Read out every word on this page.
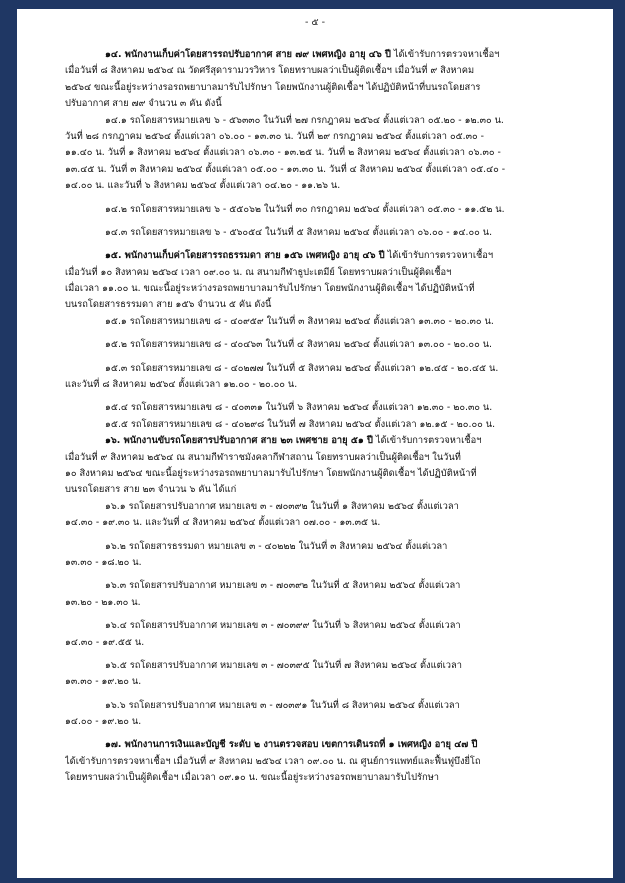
- ๕ -
๑๔. พนักงานเก็บค่าโดยสารรถปรับอากาศ สาย ๗๙ เพศหญิง อายุ ๔๖ ปี ได้เข้ารับการตรวจหาเชื้อฯ
เมื่อวันที่ ๘ สิงหาคม ๒๕๖๔ ณ วัดศรีสุดารามวรวิหาร โดยทราบผลว่าเป็นผู้ติดเชื้อฯ เมื่อวันที่ ๙ สิงหาคม
๒๕๖๔ ขณะนี้อยู่ระหว่างรอรถพยาบาลมารับไปรักษา โดยพนักงานผู้ติดเชื้อฯ ได้ปฏิบัติหน้าที่บนรถโดยสาร
ปรับอากาศ สาย ๗๙ จำนวน ๓ คัน ดังนี้
๑๔.๑ รถโดยสารหมายเลข ๖ - ๕๖๓๓๐ ในวันที่ ๒๗ กรกฎาคม ๒๕๖๔ ตั้งแต่เวลา ๐๕.๒๐ - ๑๒.๓๐ น.
วันที่ ๒๘ กรกฎาคม ๒๕๖๔ ตั้งแต่เวลา ๐๖.๐๐ - ๑๓.๓๐ น. วันที่ ๒๙ กรกฎาคม ๒๕๖๔ ตั้งแต่เวลา ๐๕.๓๐ -
๑๑.๔๐ น. วันที่ ๑ สิงหาคม ๒๕๖๔ ตั้งแต่เวลา ๐๖.๓๐ - ๑๓.๒๕ น. วันที่ ๒ สิงหาคม ๒๕๖๔ ตั้งแต่เวลา ๐๖.๓๐ -
๑๓.๔๕ น. วันที่ ๓ สิงหาคม ๒๕๖๔ ตั้งแต่เวลา ๐๕.๐๐ - ๑๓.๓๐ น. วันที่ ๔ สิงหาคม ๒๕๖๔ ตั้งแต่เวลา ๐๕.๔๐ -
๑๔.๐๐ น. และวันที่ ๖ สิงหาคม ๒๕๖๔ ตั้งแต่เวลา ๐๔.๒๐ - ๑๑.๒๖ น.
๑๔.๒ รถโดยสารหมายเลข ๖ - ๕๕๐๖๒ ในวันที่ ๓๐ กรกฎาคม ๒๕๖๔ ตั้งแต่เวลา ๐๕.๓๐ - ๑๑.๕๒ น.
๑๔.๓ รถโดยสารหมายเลข ๖ - ๕๖๐๕๔ ในวันที่ ๕ สิงหาคม ๒๕๖๔ ตั้งแต่เวลา ๐๖.๐๐ - ๑๔.๐๐ น.
๑๕. พนักงานเก็บค่าโดยสารรถธรรมดา สาย ๑๕๖ เพศหญิง อายุ ๔๖ ปี ได้เข้ารับการตรวจหาเชื้อฯ
เมื่อวันที่ ๑๐ สิงหาคม ๒๕๖๔ เวลา ๐๙.๐๐ น. ณ สนามกีฬาธูปะเตมีย์ โดยทราบผลว่าเป็นผู้ติดเชื้อฯ
เมื่อเวลา ๑๑.๐๐ น. ขณะนี้อยู่ระหว่างรอรถพยาบาลมารับไปรักษา โดยพนักงานผู้ติดเชื้อฯ ได้ปฏิบัติหน้าที่
บนรถโดยสารธรรมดา สาย ๑๕๖ จำนวน ๕ คัน ดังนี้
๑๕.๑ รถโดยสารหมายเลข ๘ - ๔๐๙๕๙ ในวันที่ ๓ สิงหาคม ๒๕๖๔ ตั้งแต่เวลา ๑๓.๓๐ - ๒๐.๓๐ น.
๑๕.๒ รถโดยสารหมายเลข ๘ - ๔๐๔๖๓ ในวันที่ ๔ สิงหาคม ๒๕๖๔ ตั้งแต่เวลา ๑๓.๐๐ - ๒๐.๐๐ น.
๑๕.๓ รถโดยสารหมายเลข ๘ - ๔๐๒๗๗ ในวันที่ ๕ สิงหาคม ๒๕๖๔ ตั้งแต่เวลา ๑๒.๔๕ - ๒๐.๔๕ น.
และวันที่ ๘ สิงหาคม ๒๕๖๔ ตั้งแต่เวลา ๑๒.๐๐ - ๒๐.๐๐ น.
๑๕.๔ รถโดยสารหมายเลข ๘ - ๔๐๓๓๑ ในวันที่ ๖ สิงหาคม ๒๕๖๔ ตั้งแต่เวลา ๑๒.๓๐ - ๒๐.๓๐ น.
๑๕.๕ รถโดยสารหมายเลข ๘ - ๔๐๒๙๘ ในวันที่ ๗ สิงหาคม ๒๕๖๔ ตั้งแต่เวลา ๑๒.๑๕ - ๒๐.๐๐ น.
๑๖. พนักงานขับรถโดยสารปรับอากาศ สาย ๒๓ เพศชาย อายุ ๕๑ ปี ได้เข้ารับการตรวจหาเชื้อฯ
เมื่อวันที่ ๙ สิงหาคม ๒๕๖๔ ณ สนามกีฬาราชมังคลากีฬาสถาน โดยทราบผลว่าเป็นผู้ติดเชื้อฯ ในวันที่
๑๐ สิงหาคม ๒๕๖๔ ขณะนี้อยู่ระหว่างรอรถพยาบาลมารับไปรักษา โดยพนักงานผู้ติดเชื้อฯ ได้ปฏิบัติหน้าที่
บนรถโดยสาร สาย ๒๓ จำนวน ๖ คัน ได้แก่
๑๖.๑ รถโดยสารปรับอากาศ หมายเลข ๓ - ๗๐๓๙๒ ในวันที่ ๑ สิงหาคม ๒๕๖๔ ตั้งแต่เวลา
๑๔.๓๐ - ๑๙.๓๐ น. และวันที่ ๔ สิงหาคม ๒๕๖๔ ตั้งแต่เวลา ๐๗.๐๐ - ๑๓.๓๕ น.
๑๖.๒ รถโดยสารธรรมดา หมายเลข ๓ - ๔๐๒๒๒ ในวันที่ ๓ สิงหาคม ๒๕๖๔ ตั้งแต่เวลา
๑๓.๓๐ - ๑๘.๒๐ น.
๑๖.๓ รถโดยสารปรับอากาศ หมายเลข ๓ - ๗๐๓๙๒ ในวันที่ ๕ สิงหาคม ๒๕๖๔ ตั้งแต่เวลา
๑๓.๒๐ - ๒๑.๓๐ น.
๑๖.๔ รถโดยสารปรับอากาศ หมายเลข ๓ - ๗๐๓๙๙ ในวันที่ ๖ สิงหาคม ๒๕๖๔ ตั้งแต่เวลา
๑๔.๓๐ - ๑๙.๕๕ น.
๑๖.๕ รถโดยสารปรับอากาศ หมายเลข ๓ - ๗๐๓๙๕ ในวันที่ ๗ สิงหาคม ๒๕๖๔ ตั้งแต่เวลา
๑๓.๓๐ - ๑๙.๒๐ น.
๑๖.๖ รถโดยสารปรับอากาศ หมายเลข ๓ - ๗๐๓๙๑ ในวันที่ ๘ สิงหาคม ๒๕๖๔ ตั้งแต่เวลา
๑๔.๐๐ - ๑๙.๒๐ น.
๑๗. พนักงานการเงินและบัญชี ระดับ ๒ งานตรวจสอบ เขตการเดินรถที่ ๑ เพศหญิง อายุ ๔๗ ปี
ได้เข้ารับการตรวจหาเชื้อฯ เมื่อวันที่ ๙ สิงหาคม ๒๕๖๔ เวลา ๐๙.๐๐ น. ณ ศูนย์การแพทย์และฟื้นฟูบึงยี่โถ
โดยทราบผลว่าเป็นผู้ติดเชื้อฯ เมื่อเวลา ๐๙.๑๐ น. ขณะนี้อยู่ระหว่างรอรถพยาบาลมารับไปรักษา
